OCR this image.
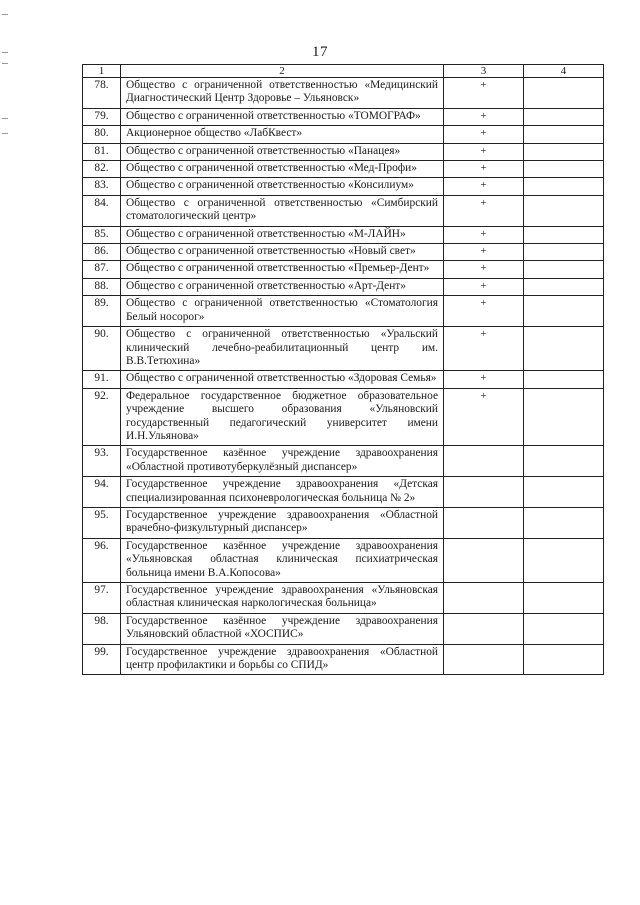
17
1	2	3	4
78.	Общество с ограниченной ответственностью «Медицинский Диагностический Центр Здоровье – Ульяновск»	+	
79.	Общество с ограниченной ответственностью «ТОМОГРАФ»	+	
80.	Акционерное общество «ЛабКвест»	+	
81.	Общество с ограниченной ответственностью «Панацея»	+	
82.	Общество с ограниченной ответственностью «Мед-Профи»	+	
83.	Общество с ограниченной ответственностью «Консилиум»	+	
84.	Общество с ограниченной ответственностью «Симбирский стоматологический центр»	+	
85.	Общество с ограниченной ответственностью «М-ЛАЙН»	+	
86.	Общество с ограниченной ответственностью «Новый свет»	+	
87.	Общество с ограниченной ответственностью «Премьер-Дент»	+	
88.	Общество с ограниченной ответственностью «Арт-Дент»	+	
89.	Общество с ограниченной ответственностью «Стоматология Белый носорог»	+	
90.	Общество с ограниченной ответственностью «Уральский клинический лечебно-реабилитационный центр им. В.В.Тетюхина»	+	
91.	Общество с ограниченной ответственностью «Здоровая Семья»	+	
92.	Федеральное государственное бюджетное образовательное учреждение высшего образования «Ульяновский государственный педагогический университет имени И.Н.Ульянова»	+	
93.	Государственное казённое учреждение здравоохранения «Областной противотуберкулёзный диспансер»		
94.	Государственное учреждение здравоохранения «Детская специализированная психоневрологическая больница № 2»		
95.	Государственное учреждение здравоохранения «Областной врачебно-физкультурный диспансер»		
96.	Государственное казённое учреждение здравоохранения «Ульяновская областная клиническая психиатрическая больница имени В.А.Копосова»		
97.	Государственное учреждение здравоохранения «Ульяновская областная клиническая наркологическая больница»		
98.	Государственное казённое учреждение здравоохранения Ульяновский областной «ХОСПИС»		
99.	Государственное учреждение здравоохранения «Областной центр профилактики и борьбы со СПИД»		
